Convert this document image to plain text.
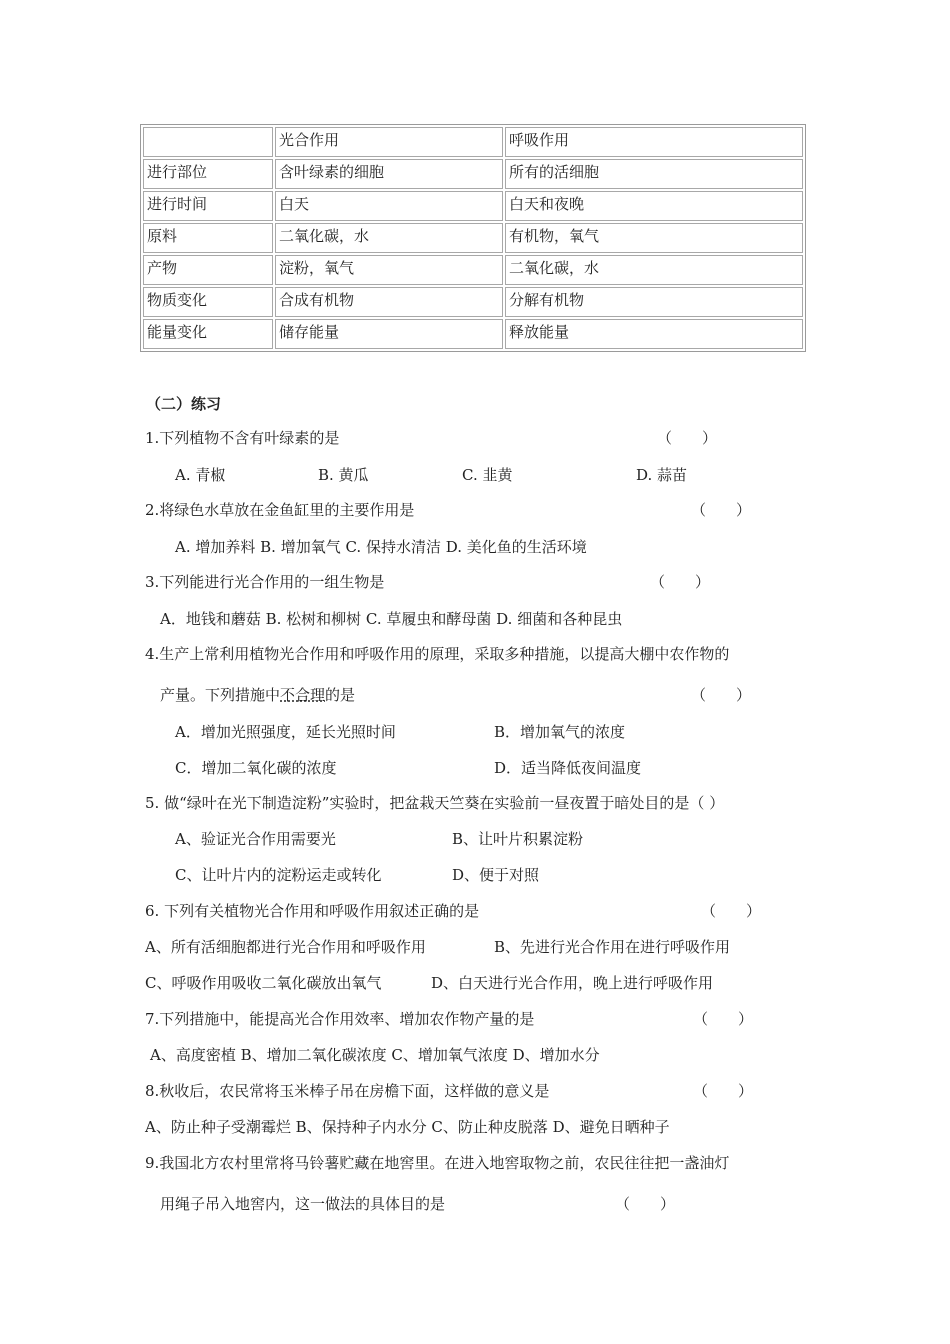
	光合作用	呼吸作用
进行部位	含叶绿素的细胞	所有的活细胞
进行时间	白天	白天和夜晚
原料	二氧化碳，水	有机物，氧气
产物	淀粉，氧气	二氧化碳，水
物质变化	合成有机物	分解有机物
能量变化	储存能量	释放能量
（二）练习
1.下列植物不含有叶绿素的是	（　　）
A. 青椒	B. 黄瓜	C. 韭黄	D. 蒜苗
2.将绿色水草放在金鱼缸里的主要作用是	（　　）
A. 增加养料 B. 增加氧气 C. 保持水清洁 D. 美化鱼的生活环境
3.下列能进行光合作用的一组生物是	（　　）
A．地钱和蘑菇 B. 松树和柳树 C. 草履虫和酵母菌 D. 细菌和各种昆虫
4.生产上常利用植物光合作用和呼吸作用的原理，采取多种措施，以提高大棚中农作物的
产量。下列措施中不合理的是	（　　）
A．增加光照强度，延长光照时间	B．增加氧气的浓度
C．增加二氧化碳的浓度	D．适当降低夜间温度
5. 做“绿叶在光下制造淀粉”实验时，把盆栽天竺葵在实验前一昼夜置于暗处目的是（ ）
A、验证光合作用需要光	B、让叶片积累淀粉
C、让叶片内的淀粉运走或转化	D、便于对照
6. 下列有关植物光合作用和呼吸作用叙述正确的是	（　　）
A、所有活细胞都进行光合作用和呼吸作用	B、先进行光合作用在进行呼吸作用
C、呼吸作用吸收二氧化碳放出氧气	D、白天进行光合作用，晚上进行呼吸作用
7.下列措施中，能提高光合作用效率、增加农作物产量的是	（　　）
A、高度密植 B、增加二氧化碳浓度 C、增加氧气浓度 D、增加水分
8.秋收后，农民常将玉米棒子吊在房檐下面，这样做的意义是	（　　）
A、防止种子受潮霉烂 B、保持种子内水分 C、防止种皮脱落 D、避免日晒种子
9.我国北方农村里常将马铃薯贮藏在地窖里。在进入地窖取物之前，农民往往把一盏油灯
用绳子吊入地窖内，这一做法的具体目的是	（　　）
